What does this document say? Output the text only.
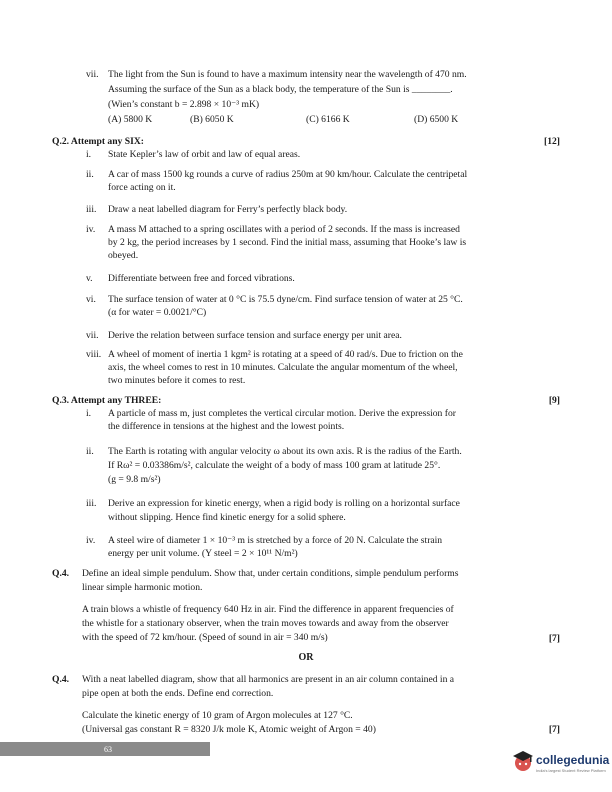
vii. The light from the Sun is found to have a maximum intensity near the wavelength of 470 nm.
Assuming the surface of the Sun as a black body, the temperature of the Sun is ________.
(Wien’s constant b = 2.898 × 10⁻³ mK)
(A) 5800 K	(B) 6050 K	(C) 6166 K	(D) 6500 K
Q.2. Attempt any SIX:	[12]
i. State Kepler’s law of orbit and law of equal areas.
ii. A car of mass 1500 kg rounds a curve of radius 250m at 90 km/hour. Calculate the centripetal
force acting on it.
iii. Draw a neat labelled diagram for Ferry’s perfectly black body.
iv. A mass M attached to a spring oscillates with a period of 2 seconds. If the mass is increased
by 2 kg, the period increases by 1 second. Find the initial mass, assuming that Hooke’s law is
obeyed.
v. Differentiate between free and forced vibrations.
vi. The surface tension of water at 0 °C is 75.5 dyne/cm. Find surface tension of water at 25 °C.
(α for water = 0.0021/°C)
vii. Derive the relation between surface tension and surface energy per unit area.
viii. A wheel of moment of inertia 1 kgm² is rotating at a speed of 40 rad/s. Due to friction on the
axis, the wheel comes to rest in 10 minutes. Calculate the angular momentum of the wheel,
two minutes before it comes to rest.
Q.3. Attempt any THREE:	[9]
i. A particle of mass m, just completes the vertical circular motion. Derive the expression for
the difference in tensions at the highest and the lowest points.
ii. The Earth is rotating with angular velocity ω about its own axis. R is the radius of the Earth.
If Rω² = 0.03386m/s², calculate the weight of a body of mass 100 gram at latitude 25°.
(g = 9.8 m/s²)
iii. Derive an expression for kinetic energy, when a rigid body is rolling on a horizontal surface
without slipping. Hence find kinetic energy for a solid sphere.
iv. A steel wire of diameter 1 × 10⁻³ m is stretched by a force of 20 N. Calculate the strain
energy per unit volume. (Y steel = 2 × 10¹¹ N/m²)
Q.4. Define an ideal simple pendulum. Show that, under certain conditions, simple pendulum performs
linear simple harmonic motion.
A train blows a whistle of frequency 640 Hz in air. Find the difference in apparent frequencies of
the whistle for a stationary observer, when the train moves towards and away from the observer
with the speed of 72 km/hour. (Speed of sound in air = 340 m/s)	[7]
OR
Q.4. With a neat labelled diagram, show that all harmonics are present in an air column contained in a
pipe open at both the ends. Define end correction.
Calculate the kinetic energy of 10 gram of Argon molecules at 127 °C.
(Universal gas constant R = 8320 J/k mole K, Atomic weight of Argon = 40)	[7]
63
collegedunia
India's largest Student Review Platform
